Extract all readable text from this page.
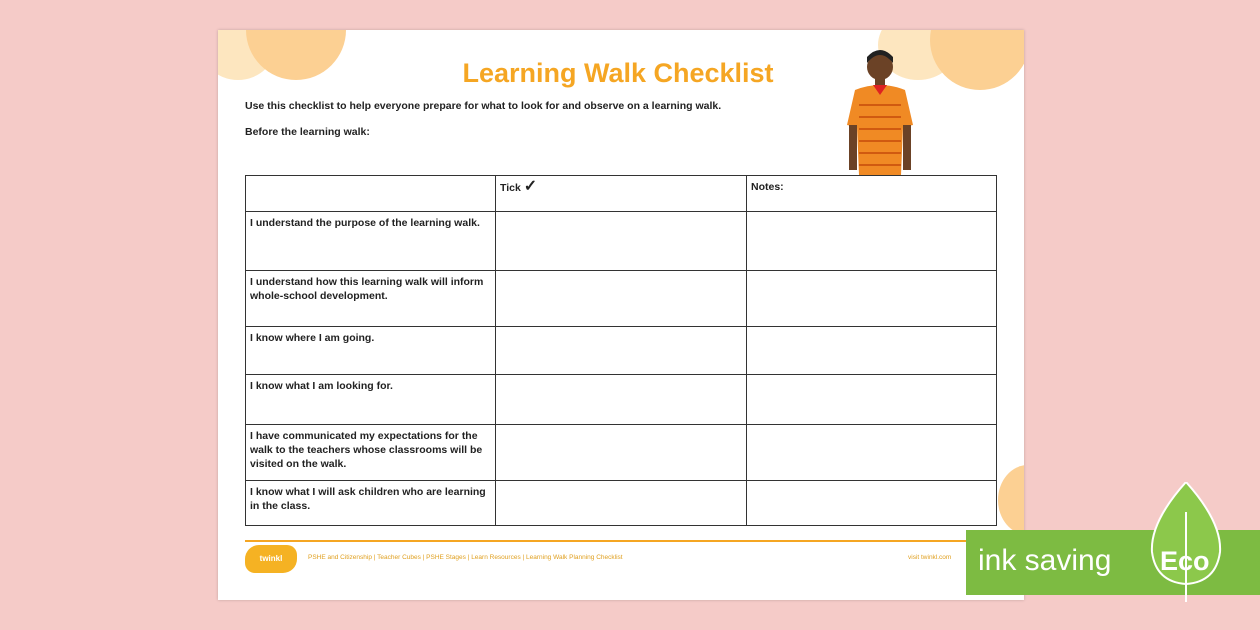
Learning Walk Checklist
Use this checklist to help everyone prepare for what to look for and observe on a learning walk.
Before the learning walk:
	Tick ✓	Notes:
I understand the purpose of the learning walk.		
I understand how this learning walk will inform whole-school development.		
I know where I am going.		
I know what I am looking for.		
I have communicated my expectations for the walk to the teachers whose classrooms will be visited on the walk.		
I know what I will ask children who are learning in the class.		
twinkl	PSHE and Citizenship | Teacher Cubes | PSHE Stages | Learn Resources | Learning Walk Planning Checklist	visit twinkl.com ink saving Eco
